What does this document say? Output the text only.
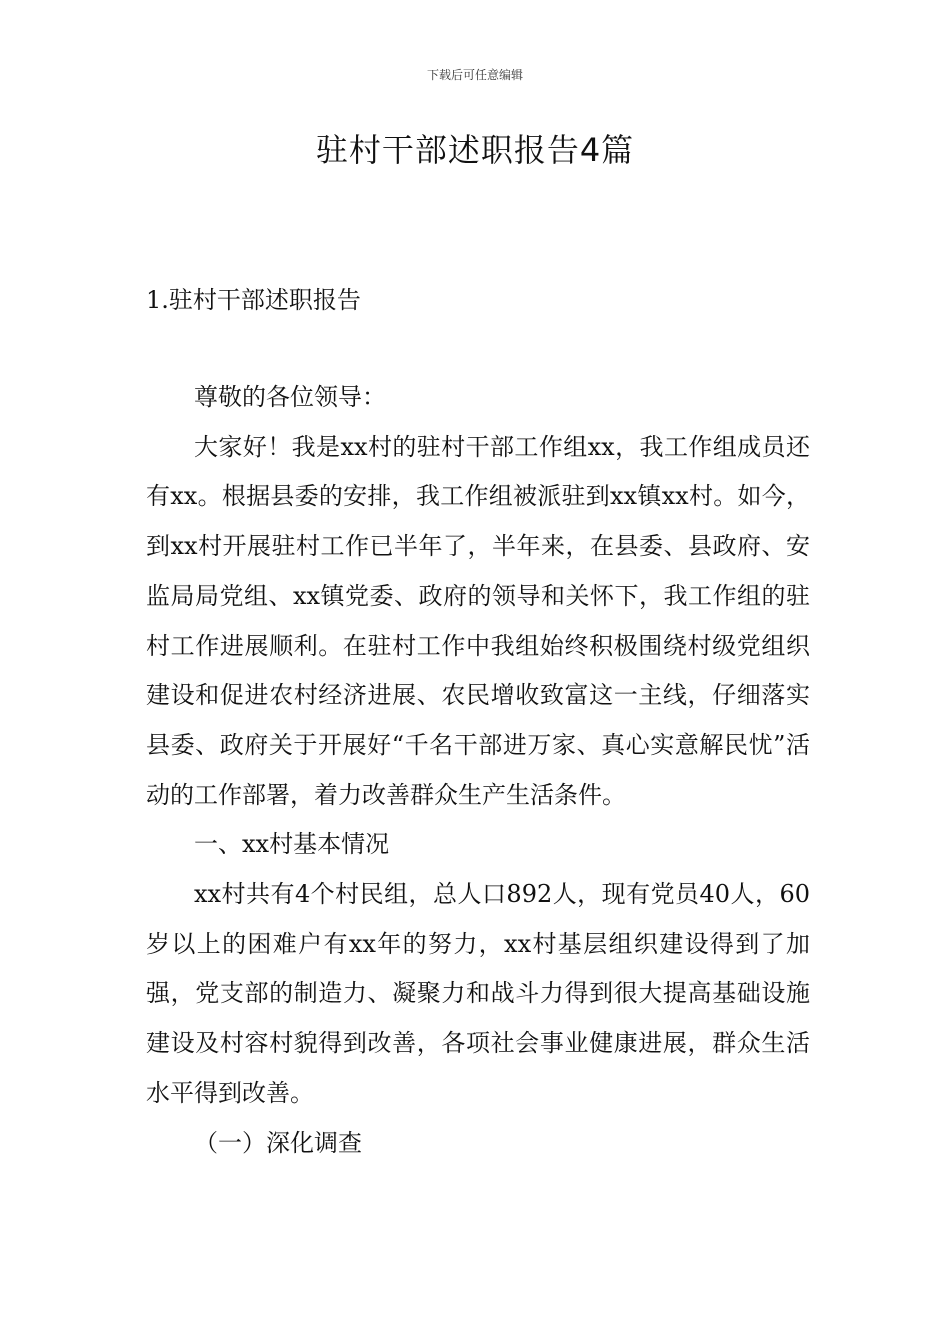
下载后可任意编辑
驻村干部述职报告4篇

1.驻村干部述职报告

尊敬的各位领导：

大家好！我是xx村的驻村干部工作组xx，我工作组成员还有xx。根据县委的安排，我工作组被派驻到xx镇xx村。如今，到xx村开展驻村工作已半年了，半年来，在县委、县政府、安监局局党组、xx镇党委、政府的领导和关怀下，我工作组的驻村工作进展顺利。在驻村工作中我组始终积极围绕村级党组织建设和促进农村经济进展、农民增收致富这一主线，仔细落实县委、政府关于开展好“千名干部进万家、真心实意解民忧”活动的工作部署，着力改善群众生产生活条件。

一、xx村基本情况

xx村共有4个村民组，总人口892人，现有党员40人，60岁以上的困难户有xx年的努力，xx村基层组织建设得到了加强，党支部的制造力、凝聚力和战斗力得到很大提高基础设施建设及村容村貌得到改善，各项社会事业健康进展，群众生活水平得到改善。

（一）深化调查
